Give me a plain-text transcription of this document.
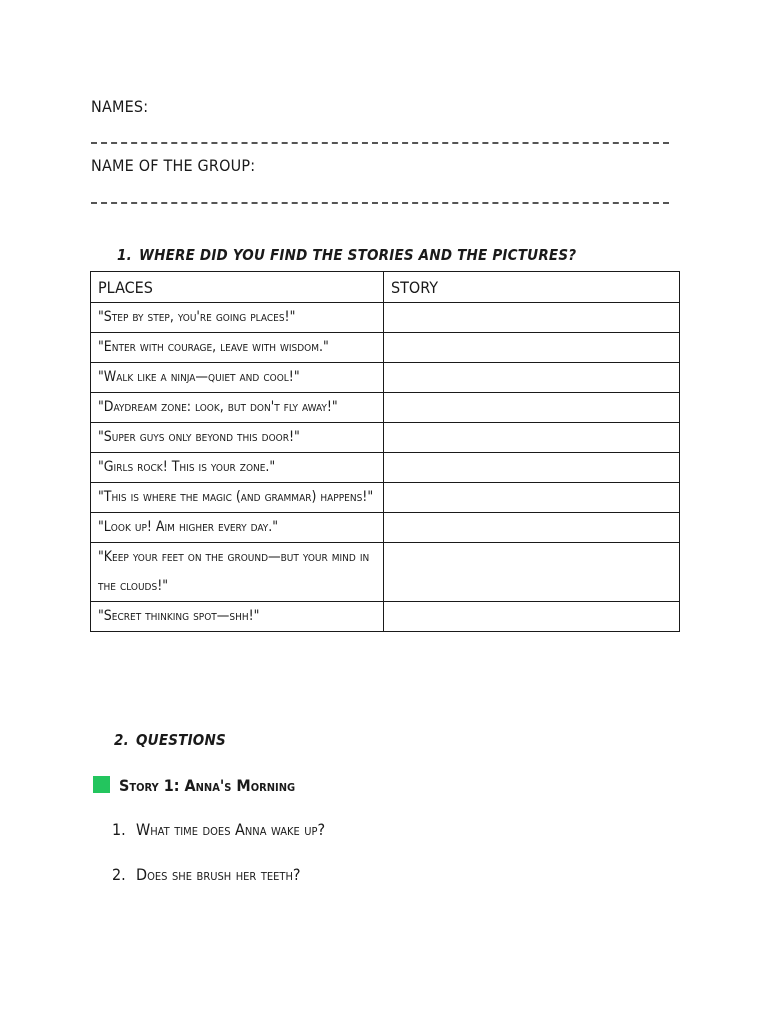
NAMES:
NAME OF THE GROUP:
1. WHERE DID YOU FIND THE STORIES AND THE PICTURES?
PLACES	STORY
"Step by step, you're going places!"	
"Enter with courage, leave with wisdom."	
"Walk like a ninja—quiet and cool!"	
"Daydream zone: look, but don't fly away!"	
"Super guys only beyond this door!"	
"Girls rock! This is your zone."	
"This is where the magic (and grammar) happens!"	
"Look up! Aim higher every day."	
"Keep your feet on the ground—but your mind in the clouds!"	
"Secret thinking spot—shh!"	
2. QUESTIONS
Story 1: Anna's Morning
1. What time does Anna wake up?
2. Does she brush her teeth?
